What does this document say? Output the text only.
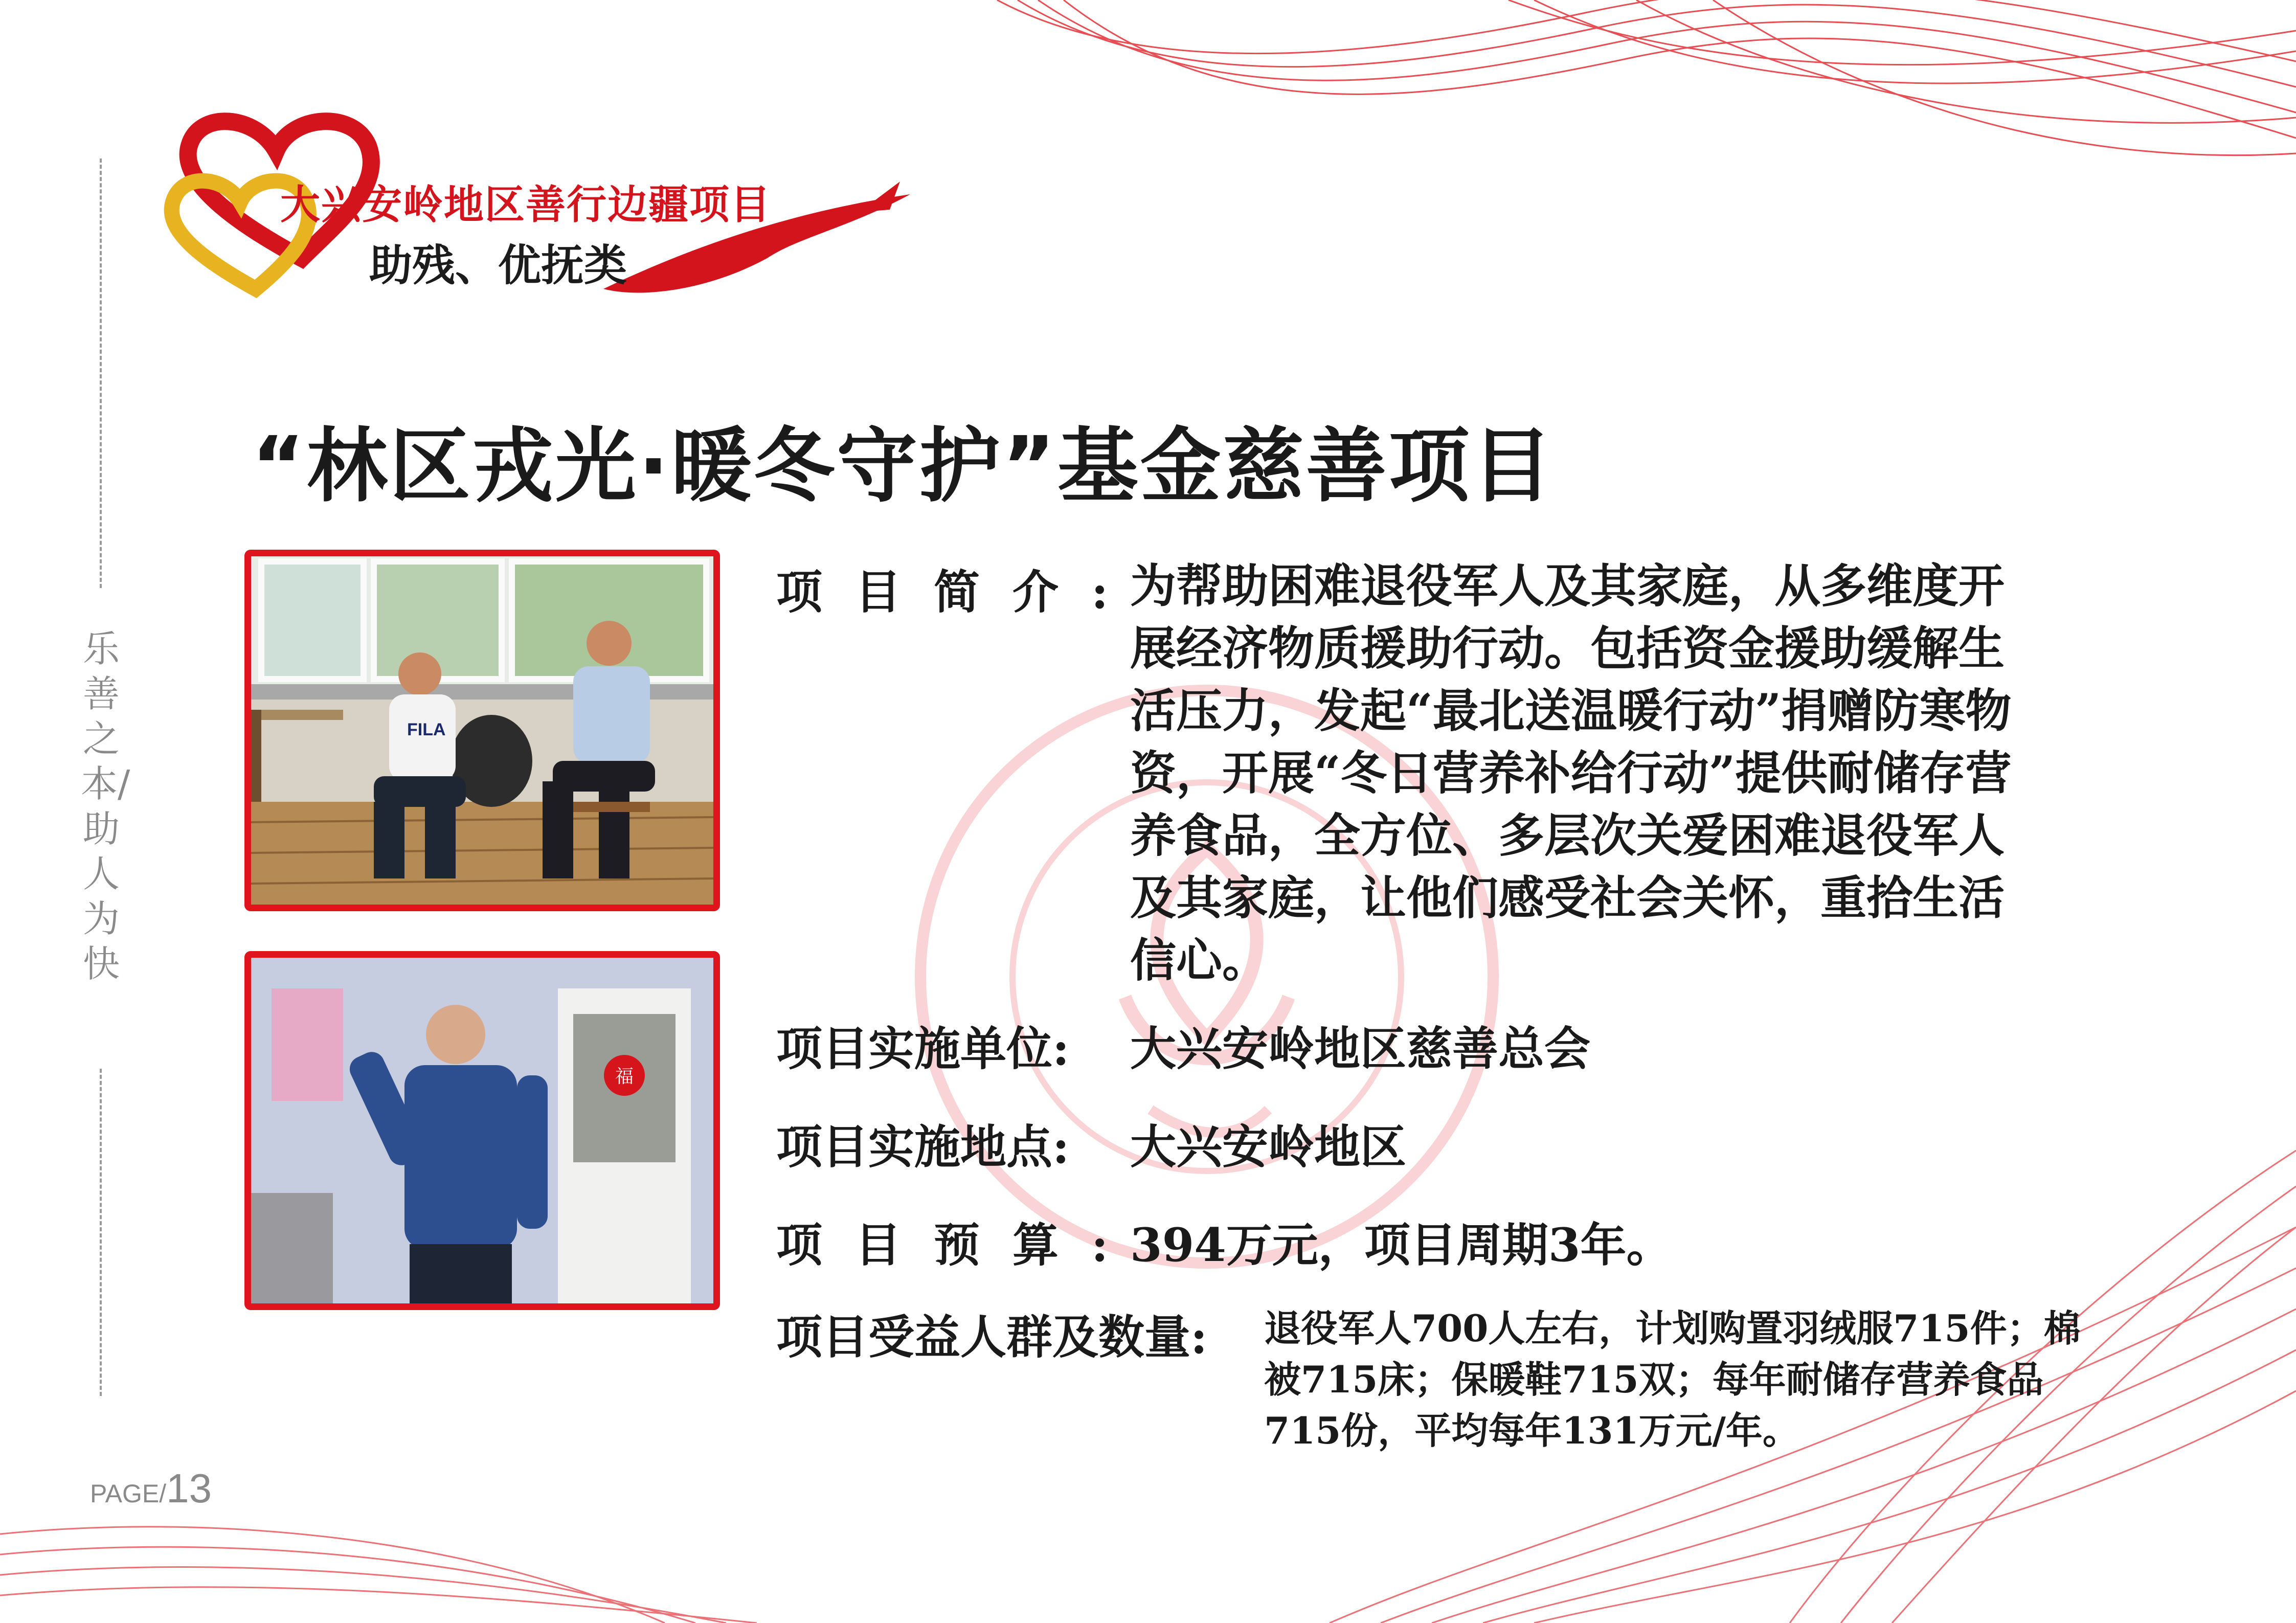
大兴安岭地区善行边疆项目
助残、优抚类
乐善之本/助人为快
PAGE/13
“林区戎光·暖冬守护”基金慈善项目
FILA
福
项目简介:
为帮助困难退役军人及其家庭，从多维度开展经济物质援助行动。包括资金援助缓解生活压力，发起“最北送温暖行动”捐赠防寒物资，开展“冬日营养补给行动”提供耐储存营养食品，全方位、多层次关爱困难退役军人及其家庭，让他们感受社会关怀，重拾生活信心。
项目实施单位: 大兴安岭地区慈善总会
项目实施地点: 大兴安岭地区
项目预算:
394万元，项目周期3年。
项目受益人群及数量: 退役军人700人左右，计划购置羽绒服715件；棉被715床；保暖鞋715双；每年耐储存营养食品715份，平均每年131万元/年。
